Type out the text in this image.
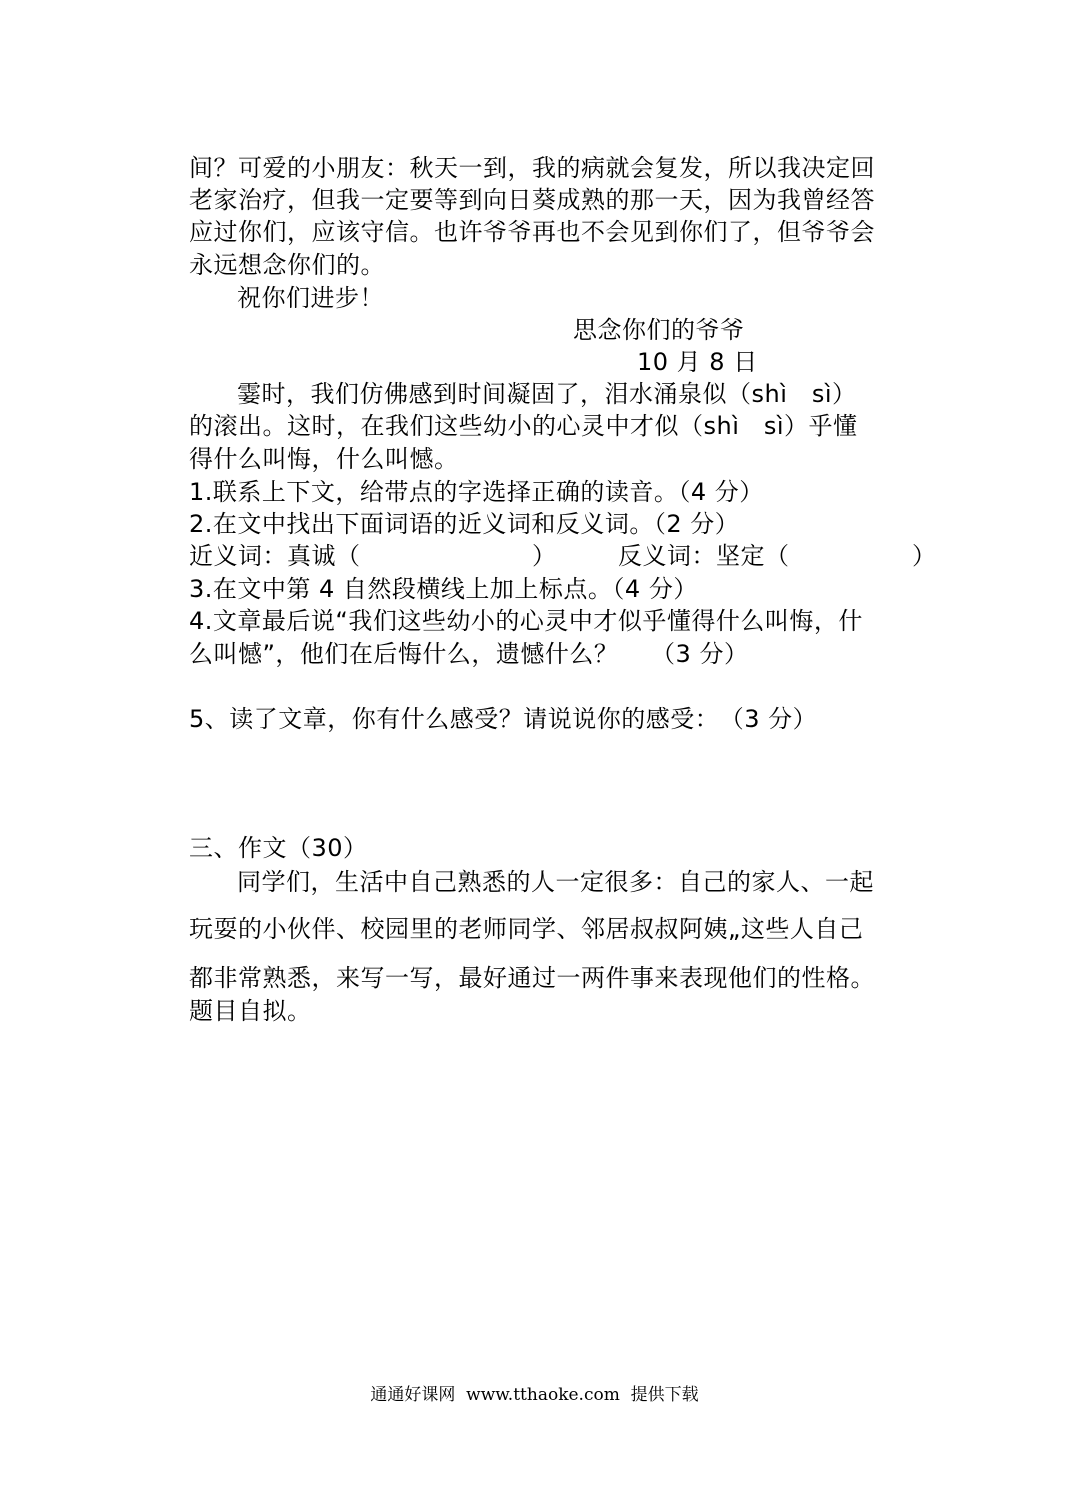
间？可爱的小朋友：秋天一到，我的病就会复发，所以我决定回
老家治疗，但我一定要等到向日葵成熟的那一天，因为我曾经答
应过你们，应该守信。也许爷爷再也不会见到你们了，但爷爷会
永远想念你们的。
祝你们进步！
思念你们的爷爷
10 月 8 日
霎时，我们仿佛感到时间凝固了，泪水涌泉似（shì　sì）
的滚出。这时，在我们这些幼小的心灵中才似（shì　sì）乎懂
得什么叫悔，什么叫憾。
1.联系上下文，给带点的字选择正确的读音。（4 分）
2.在文中找出下面词语的近义词和反义词。（2 分）
近义词：真诚（　　　　　　　）　　　反义词：坚定（　　　　　）
3.在文中第 4 自然段横线上加上标点。（4 分）
4.文章最后说“我们这些幼小的心灵中才似乎懂得什么叫悔，什
么叫憾”，他们在后悔什么，遗憾什么？　 （3 分）
5、读了文章，你有什么感受？请说说你的感受：　（3 分）
三、作文（30）
同学们，生活中自己熟悉的人一定很多：自己的家人、一起
玩耍的小伙伴、校园里的老师同学、邻居叔叔阿姨„这些人自己
都非常熟悉，来写一写，最好通过一两件事来表现他们的性格。
题目自拟。
通通好课网  www.tthaoke.com  提供下载
